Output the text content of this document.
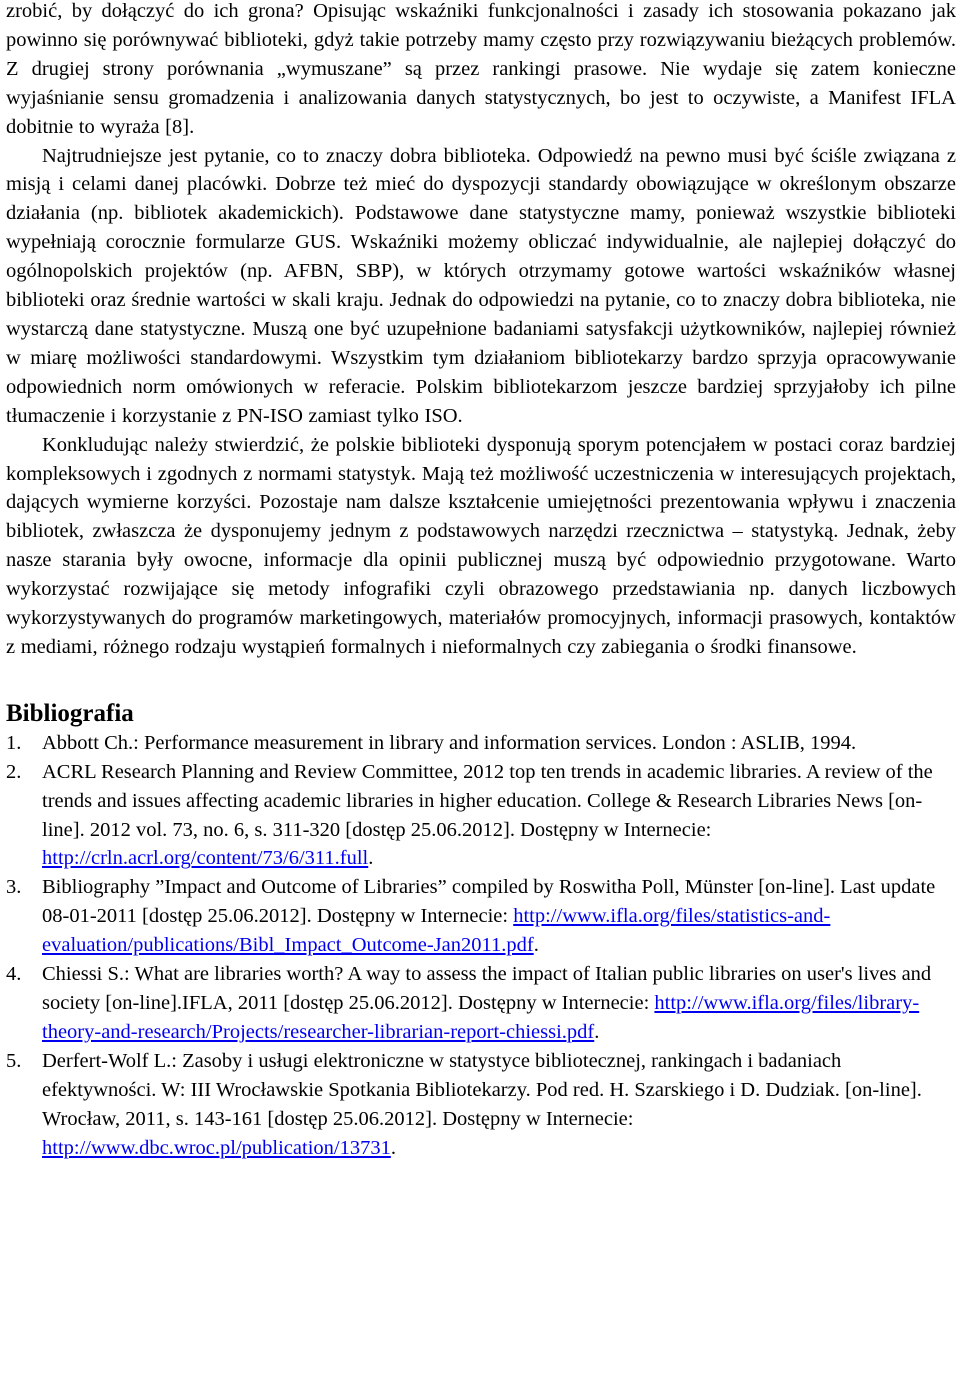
zrobić, by dołączyć do ich grona? Opisując wskaźniki funkcjonalności i zasady ich stosowania pokazano jak powinno się porównywać biblioteki, gdyż takie potrzeby mamy często przy rozwiązywaniu bieżących problemów. Z drugiej strony porównania „wymuszane” są przez rankingi prasowe. Nie wydaje się zatem konieczne wyjaśnianie sensu gromadzenia i analizowania danych statystycznych, bo jest to oczywiste, a Manifest IFLA dobitnie to wyraża [8].

Najtrudniejsze jest pytanie, co to znaczy dobra biblioteka. Odpowiedź na pewno musi być ściśle związana z misją i celami danej placówki. Dobrze też mieć do dyspozycji standardy obowiązujące w określonym obszarze działania (np. bibliotek akademickich). Podstawowe dane statystyczne mamy, ponieważ wszystkie biblioteki wypełniają corocznie formularze GUS. Wskaźniki możemy obliczać indywidualnie, ale najlepiej dołączyć do ogólnopolskich projektów (np. AFBN, SBP), w których otrzymamy gotowe wartości wskaźników własnej biblioteki oraz średnie wartości w skali kraju. Jednak do odpowiedzi na pytanie, co to znaczy dobra biblioteka, nie wystarczą dane statystyczne. Muszą one być uzupełnione badaniami satysfakcji użytkowników, najlepiej również w miarę możliwości standardowymi. Wszystkim tym działaniom bibliotekarzy bardzo sprzyja opracowywanie odpowiednich norm omówionych w referacie. Polskim bibliotekarzom jeszcze bardziej sprzyjałoby ich pilne tłumaczenie i korzystanie z PN-ISO zamiast tylko ISO.

Konkludując należy stwierdzić, że polskie biblioteki dysponują sporym potencjałem w postaci coraz bardziej kompleksowych i zgodnych z normami statystyk. Mają też możliwość uczestniczenia w interesujących projektach, dających wymierne korzyści. Pozostaje nam dalsze kształcenie umiejętności prezentowania wpływu i znaczenia bibliotek, zwłaszcza że dysponujemy jednym z podstawowych narzędzi rzecznictwa – statystyką. Jednak, żeby nasze starania były owocne, informacje dla opinii publicznej muszą być odpowiednio przygotowane. Warto wykorzystać rozwijające się metody infografiki czyli obrazowego przedstawiania np. danych liczbowych wykorzystywanych do programów marketingowych, materiałów promocyjnych, informacji prasowych, kontaktów z mediami, różnego rodzaju wystąpień formalnych i nieformalnych czy zabiegania o środki finansowe.

Bibliografia
1. Abbott Ch.: Performance measurement in library and information services. London : ASLIB, 1994.
2. ACRL Research Planning and Review Committee, 2012 top ten trends in academic libraries. A review of the trends and issues affecting academic libraries in higher education. College & Research Libraries News [on-line]. 2012 vol. 73, no. 6, s. 311-320 [dostęp 25.06.2012]. Dostępny w Internecie: http://crln.acrl.org/content/73/6/311.full.
3. Bibliography ”Impact and Outcome of Libraries” compiled by Roswitha Poll, Münster [on-line]. Last update 08-01-2011 [dostęp 25.06.2012]. Dostępny w Internecie: http://www.ifla.org/files/statistics-and-evaluation/publications/Bibl_Impact_Outcome-Jan2011.pdf.
4. Chiessi S.: What are libraries worth? A way to assess the impact of Italian public libraries on user's lives and society [on-line].IFLA, 2011 [dostęp 25.06.2012]. Dostępny w Internecie: http://www.ifla.org/files/library-theory-and-research/Projects/researcher-librarian-report-chiessi.pdf.
5. Derfert-Wolf L.: Zasoby i usługi elektroniczne w statystyce bibliotecznej, rankingach i badaniach efektywności. W: III Wrocławskie Spotkania Bibliotekarzy. Pod red. H. Szarskiego i D. Dudziak. [on-line]. Wrocław, 2011, s. 143-161 [dostęp 25.06.2012]. Dostępny w Internecie: http://www.dbc.wroc.pl/publication/13731.
